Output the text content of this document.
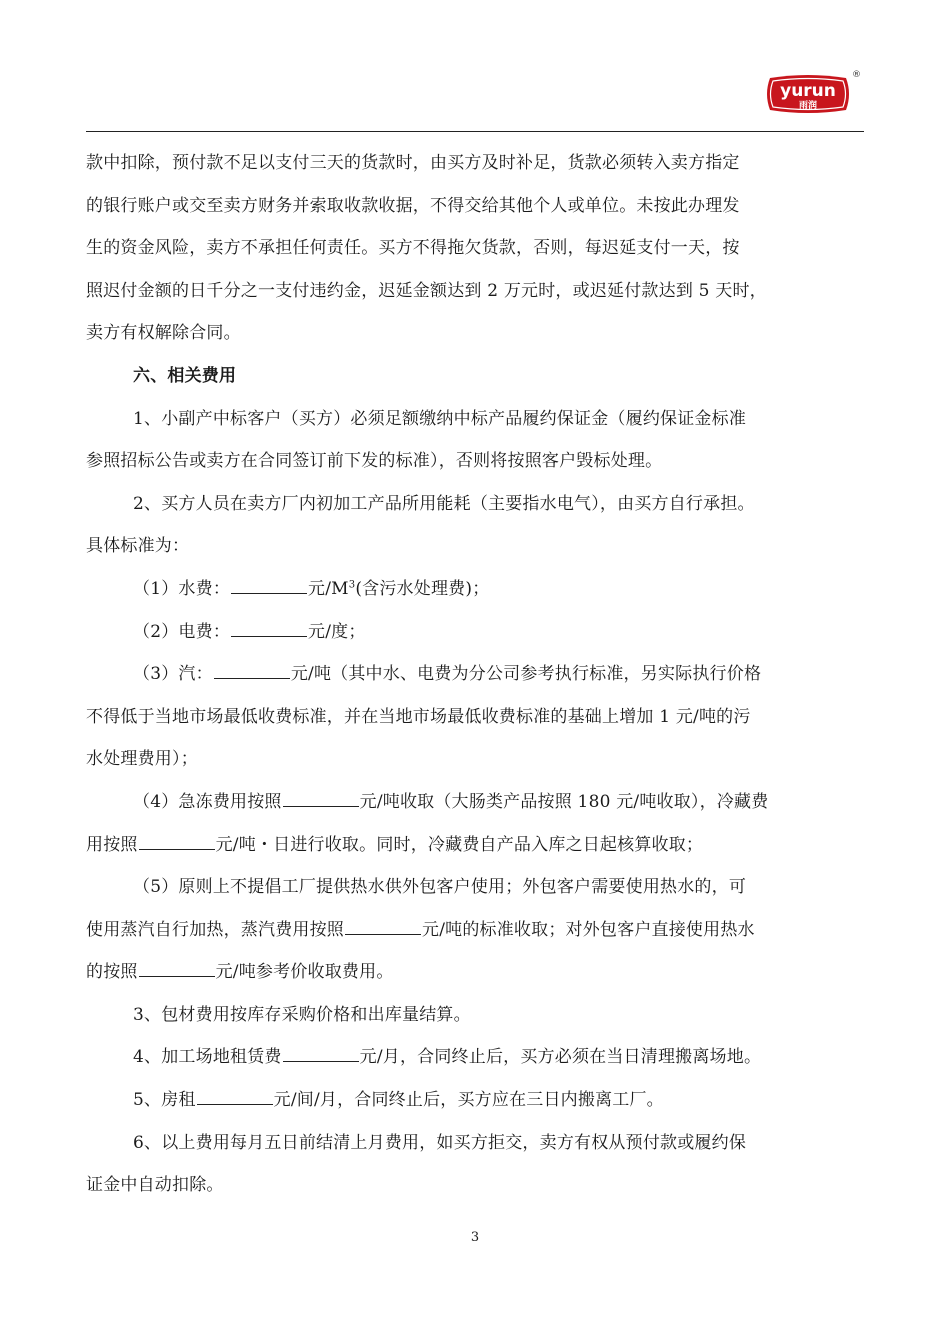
yurun
雨润
®
款中扣除，预付款不足以支付三天的货款时，由买方及时补足，货款必须转入卖方指定
的银行账户或交至卖方财务并索取收款收据，不得交给其他个人或单位。未按此办理发
生的资金风险，卖方不承担任何责任。买方不得拖欠货款，否则，每迟延支付一天，按
照迟付金额的日千分之一支付违约金，迟延金额达到 2 万元时，或迟延付款达到 5 天时，
卖方有权解除合同。
六、相关费用
1、小副产中标客户（买方）必须足额缴纳中标产品履约保证金（履约保证金标准
参照招标公告或卖方在合同签订前下发的标准），否则将按照客户毁标处理。
2、买方人员在卖方厂内初加工产品所用能耗（主要指水电气），由买方自行承担。
具体标准为：
（1）水费：	元$/M^3$(含污水处理费)；
（2）电费：	元/度；
（3）汽：	元/吨（其中水、电费为分公司参考执行标准，另实际执行价格
不得低于当地市场最低收费标准，并在当地市场最低收费标准的基础上增加 1 元/吨的污
水处理费用）；
（4）急冻费用按照	元/吨收取（大肠类产品按照 180 元/吨收取），冷藏费
用按照	元/吨・日进行收取。同时，冷藏费自产品入库之日起核算收取；
（5）原则上不提倡工厂提供热水供外包客户使用；外包客户需要使用热水的，可
使用蒸汽自行加热，蒸汽费用按照	元/吨的标准收取；对外包客户直接使用热水
的按照	元/吨参考价收取费用。
3、包材费用按库存采购价格和出库量结算。
4、加工场地租赁费	元/月，合同终止后，买方必须在当日清理搬离场地。
5、房租	元/间/月，合同终止后，买方应在三日内搬离工厂。
6、以上费用每月五日前结清上月费用，如买方拒交，卖方有权从预付款或履约保
证金中自动扣除。
3
